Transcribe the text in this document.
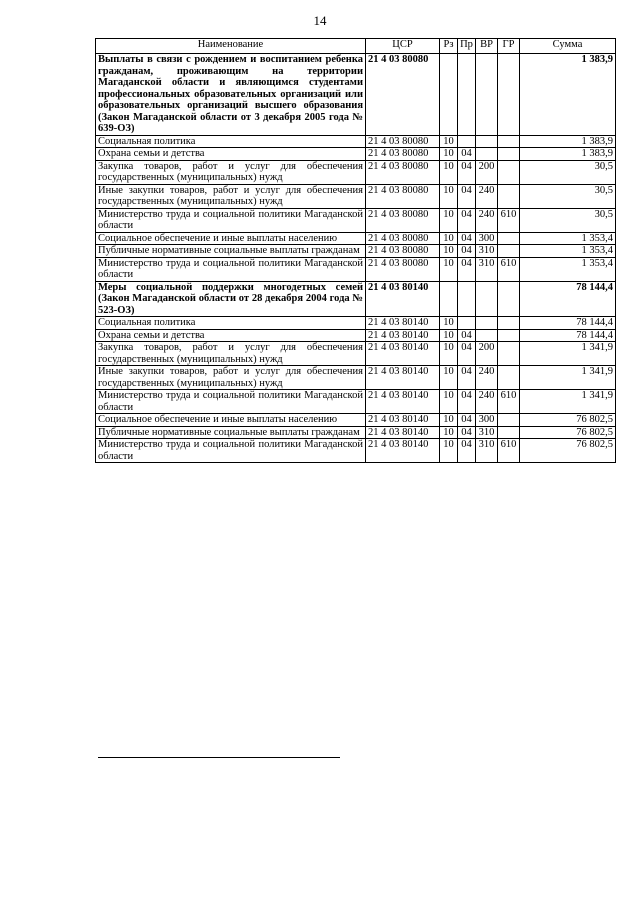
14
Наименование	ЦСР	Рз	Пр	ВР	ГР	Сумма
Выплаты в связи с рождением и воспитанием ребенка гражданам, проживающим на территории Магаданской области и являющимся студентами профессиональных образовательных организаций или образовательных организаций высшего образования (Закон Магаданской области от 3 декабря 2005 года № 639-ОЗ)	21 4 03 80080					1 383,9
Социальная политика	21 4 03 80080	10				1 383,9
Охрана семьи и детства	21 4 03 80080	10	04			1 383,9
Закупка товаров, работ и услуг для обеспечения государственных (муниципальных) нужд	21 4 03 80080	10	04	200		30,5
Иные закупки товаров, работ и услуг для обеспечения государственных (муниципальных) нужд	21 4 03 80080	10	04	240		30,5
Министерство труда и социальной политики Магаданской области	21 4 03 80080	10	04	240	610	30,5
Социальное обеспечение и иные выплаты населению	21 4 03 80080	10	04	300		1 353,4
Публичные нормативные социальные выплаты гражданам	21 4 03 80080	10	04	310		1 353,4
Министерство труда и социальной политики Магаданской области	21 4 03 80080	10	04	310	610	1 353,4
Меры социальной поддержки многодетных семей (Закон Магаданской области от 28 декабря 2004 года № 523-ОЗ)	21 4 03 80140					78 144,4
Социальная политика	21 4 03 80140	10				78 144,4
Охрана семьи и детства	21 4 03 80140	10	04			78 144,4
Закупка товаров, работ и услуг для обеспечения государственных (муниципальных) нужд	21 4 03 80140	10	04	200		1 341,9
Иные закупки товаров, работ и услуг для обеспечения государственных (муниципальных) нужд	21 4 03 80140	10	04	240		1 341,9
Министерство труда и социальной политики Магаданской области	21 4 03 80140	10	04	240	610	1 341,9
Социальное обеспечение и иные выплаты населению	21 4 03 80140	10	04	300		76 802,5
Публичные нормативные социальные выплаты гражданам	21 4 03 80140	10	04	310		76 802,5
Министерство труда и социальной политики Магаданской области	21 4 03 80140	10	04	310	610	76 802,5
